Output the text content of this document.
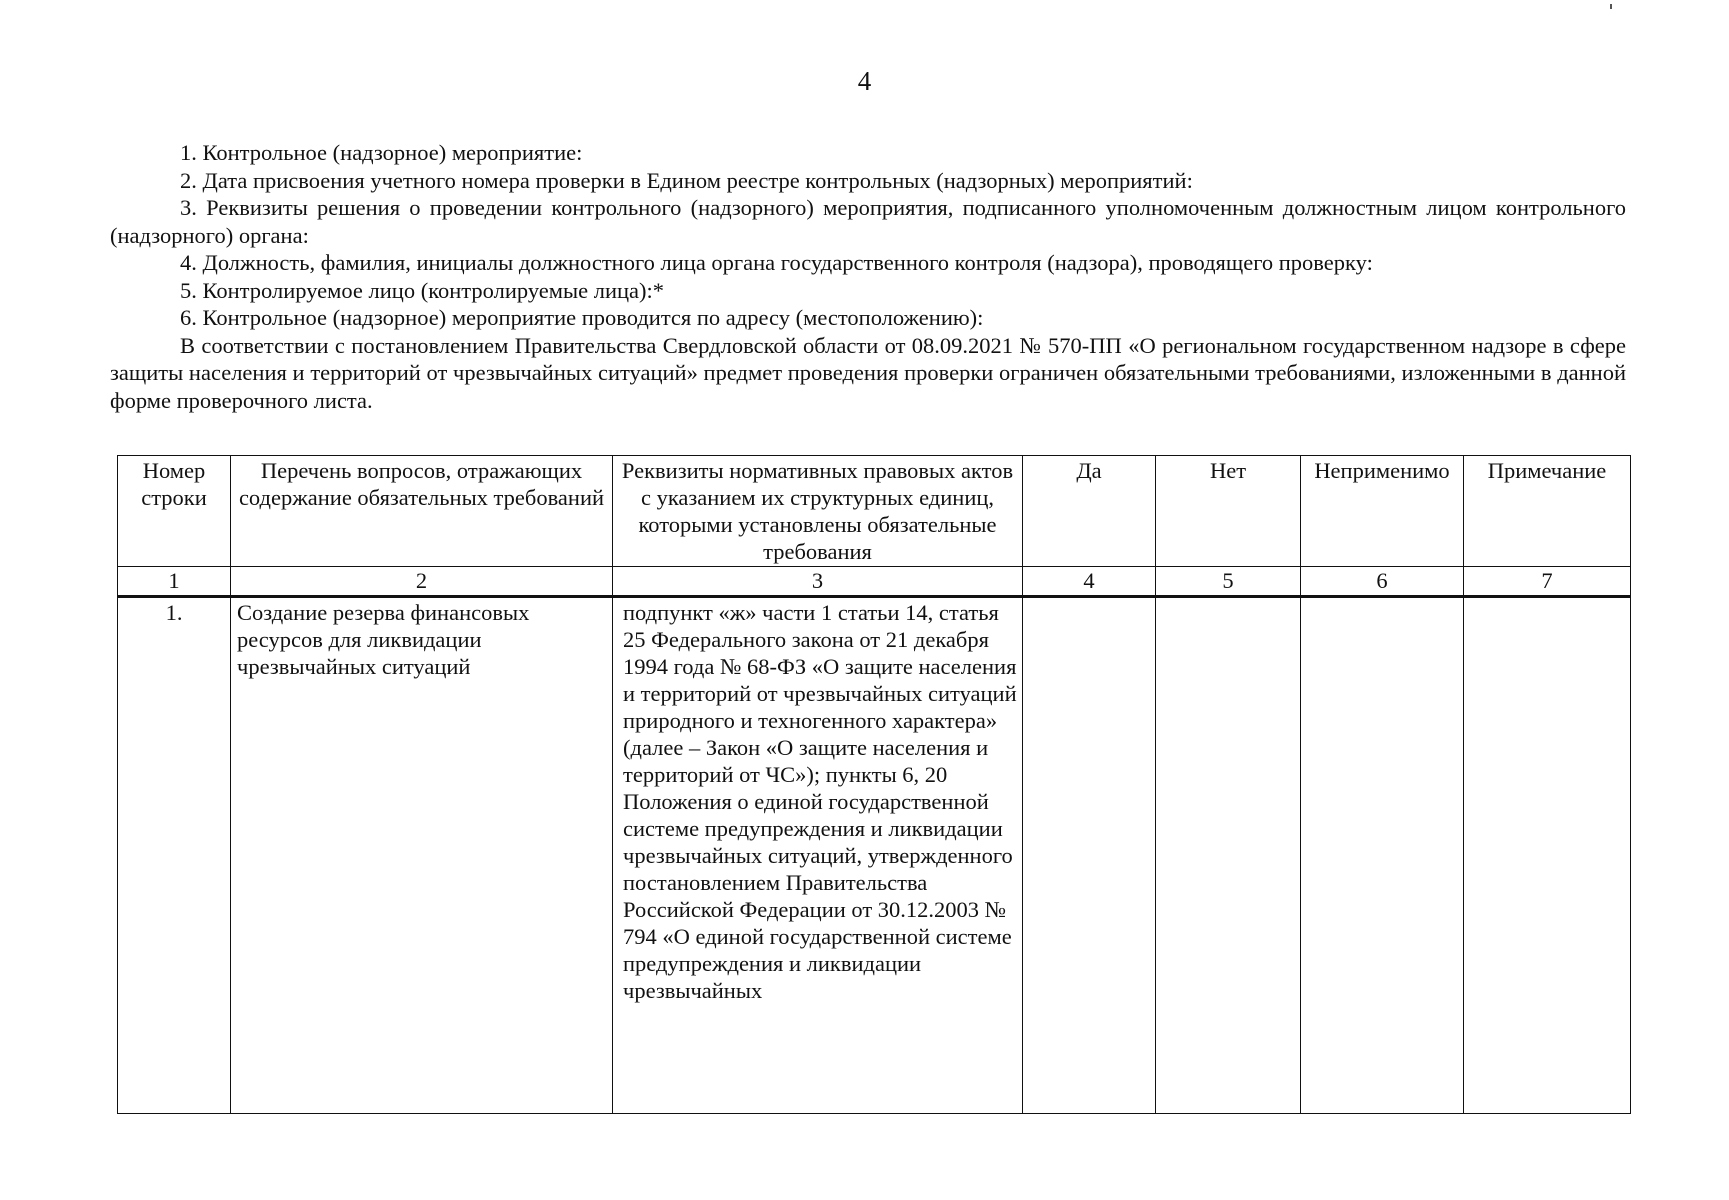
4

1. Контрольное (надзорное) мероприятие:

2. Дата присвоения учетного номера проверки в Едином реестре контрольных (надзорных) мероприятий:

3. Реквизиты решения о проведении контрольного (надзорного) мероприятия, подписанного уполномоченным должностным лицом контрольного (надзорного) органа:

4. Должность, фамилия, инициалы должностного лица органа государственного контроля (надзора), проводящего проверку:

5. Контролируемое лицо (контролируемые лица):*

6. Контрольное (надзорное) мероприятие проводится по адресу (местоположению):

В соответствии с постановлением Правительства Свердловской области от 08.09.2021 № 570-ПП «О региональном государственном надзоре в сфере защиты населения и территорий от чрезвычайных ситуаций» предмет проведения проверки ограничен обязательными требованиями, изложенными в данной форме проверочного листа.

Номер строки	Перечень вопросов, отражающих содержание обязательных требований	Реквизиты нормативных правовых актов с указанием их структурных единиц, которыми установлены обязательные требования	Да	Нет	Неприменимо	Примечание
1	2	3	4	5	6	7
1.	Создание резерва финансовых ресурсов для ликвидации чрезвычайных ситуаций	подпункт «ж» части 1 статьи 14, статья 25 Федерального закона от 21 декабря 1994 года № 68-ФЗ «О защите населения и территорий от чрезвычайных ситуаций природного и техногенного характера» (далее – Закон «О защите населения и территорий от ЧС»); пункты 6, 20 Положения о единой государственной системе предупреждения и ликвидации чрезвычайных ситуаций, утвержденного постановлением Правительства Российской Федерации от 30.12.2003 № 794 «О единой государственной системе предупреждения и ликвидации чрезвычайных				
